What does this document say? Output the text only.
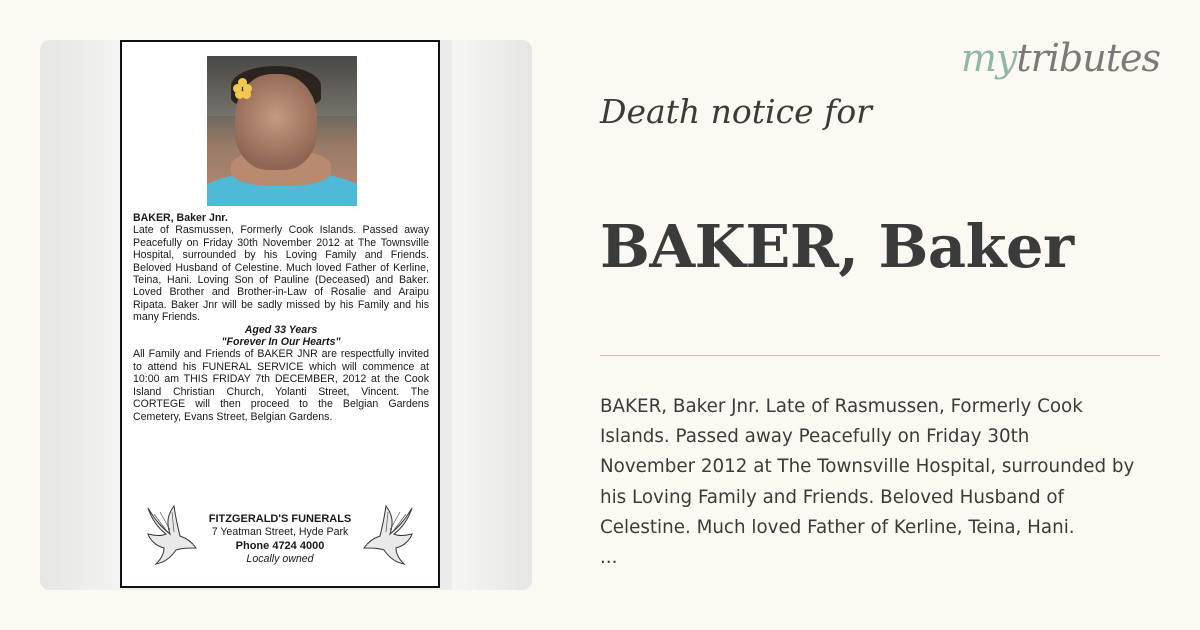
BAKER, Baker Jnr.
Late of Rasmussen, Formerly Cook Islands. Passed away Peacefully on Friday 30th November 2012 at The Townsville Hospital, surrounded by his Loving Family and Friends. Beloved Husband of Celestine. Much loved Father of Kerline, Teina, Hani. Loving Son of Pauline (Deceased) and Baker. Loved Brother and Brother-in-Law of Rosalie and Araipu Ripata. Baker Jnr will be sadly missed by his Family and his many Friends.
Aged 33 Years
"Forever In Our Hearts"
All Family and Friends of BAKER JNR are respectfully invited to attend his FUNERAL SERVICE which will commence at 10:00 am THIS FRIDAY 7th DECEMBER, 2012 at the Cook Island Christian Church, Yolanti Street, Vincent. The CORTEGE will then proceed to the Belgian Gardens Cemetery, Evans Street, Belgian Gardens.
FITZGERALD'S FUNERALS
7 Yeatman Street, Hyde Park
Phone 4724 4000
Locally owned
mytributes
Death notice for
BAKER, Baker
BAKER, Baker Jnr. Late of Rasmussen, Formerly Cook
Islands. Passed away Peacefully on Friday 30th
November 2012 at The Townsville Hospital, surrounded by
his Loving Family and Friends. Beloved Husband of
Celestine. Much loved Father of Kerline, Teina, Hani.
...
